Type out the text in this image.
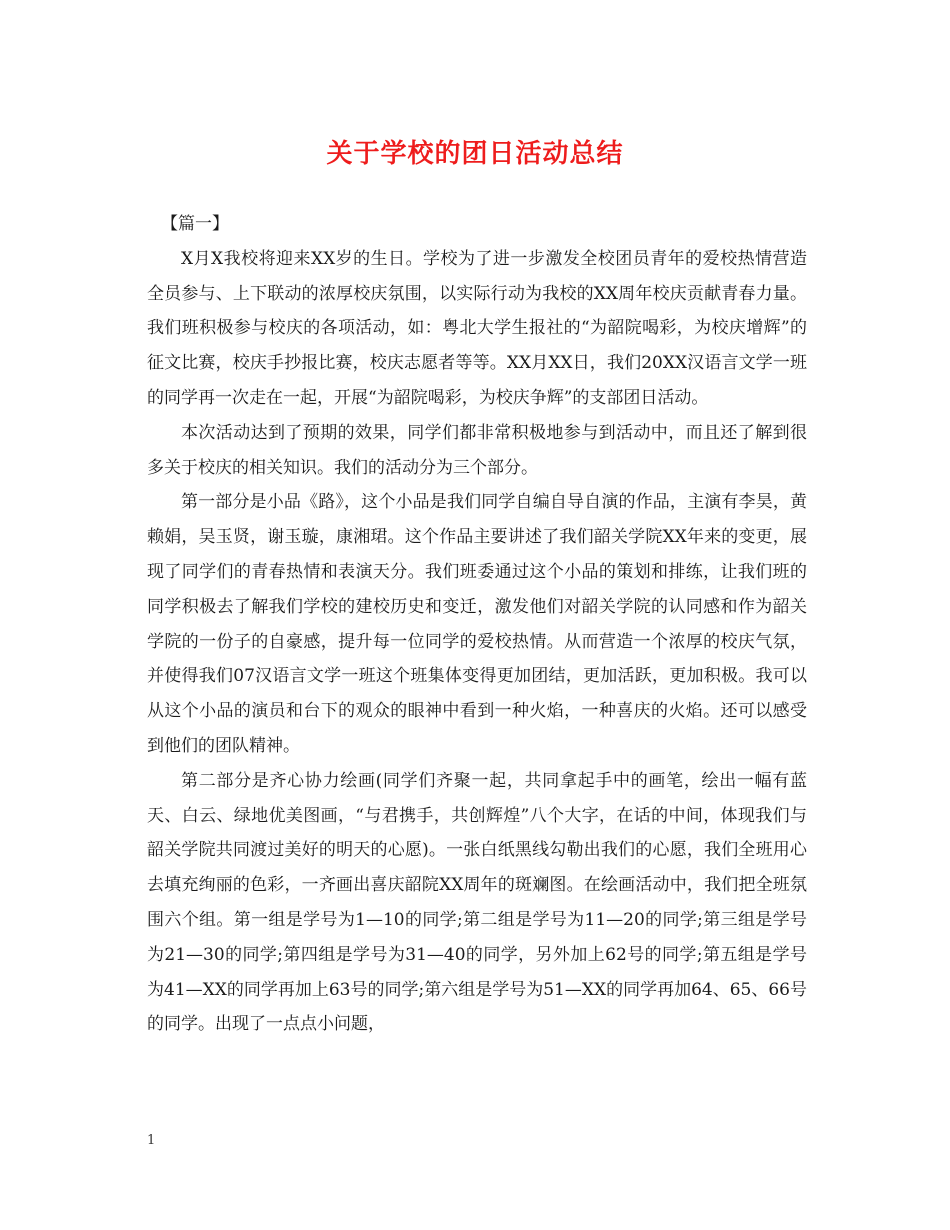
关于学校的团日活动总结
【篇一】

X月X我校将迎来XX岁的生日。学校为了进一步激发全校团员青年的爱校热情营造全员参与、上下联动的浓厚校庆氛围，以实际行动为我校的XX周年校庆贡献青春力量。我们班积极参与校庆的各项活动，如：粤北大学生报社的“为韶院喝彩，为校庆增辉”的征文比赛，校庆手抄报比赛，校庆志愿者等等。XX月XX日，我们20XX汉语言文学一班的同学再一次走在一起，开展“为韶院喝彩，为校庆争辉”的支部团日活动。

本次活动达到了预期的效果，同学们都非常积极地参与到活动中，而且还了解到很多关于校庆的相关知识。我们的活动分为三个部分。

第一部分是小品《路》，这个小品是我们同学自编自导自演的作品，主演有李昊，黄赖娟，吴玉贤，谢玉璇，康湘珺。这个作品主要讲述了我们韶关学院XX年来的变更，展现了同学们的青春热情和表演天分。我们班委通过这个小品的策划和排练，让我们班的同学积极去了解我们学校的建校历史和变迁，激发他们对韶关学院的认同感和作为韶关学院的一份子的自豪感，提升每一位同学的爱校热情。从而营造一个浓厚的校庆气氛，并使得我们07汉语言文学一班这个班集体变得更加团结，更加活跃，更加积极。我可以从这个小品的演员和台下的观众的眼神中看到一种火焰，一种喜庆的火焰。还可以感受到他们的团队精神。

第二部分是齐心协力绘画(同学们齐聚一起，共同拿起手中的画笔，绘出一幅有蓝天、白云、绿地优美图画，“与君携手，共创辉煌”八个大字，在话的中间，体现我们与韶关学院共同渡过美好的明天的心愿)。一张白纸黑线勾勒出我们的心愿，我们全班用心去填充绚丽的色彩，一齐画出喜庆韶院XX周年的斑斓图。在绘画活动中，我们把全班氛围六个组。第一组是学号为1—10的同学;第二组是学号为11—20的同学;第三组是学号为21—30的同学;第四组是学号为31—40的同学，另外加上62号的同学;第五组是学号为41—XX的同学再加上63号的同学;第六组是学号为51—XX的同学再加64、65、66号的同学。出现了一点点小问题，

1
